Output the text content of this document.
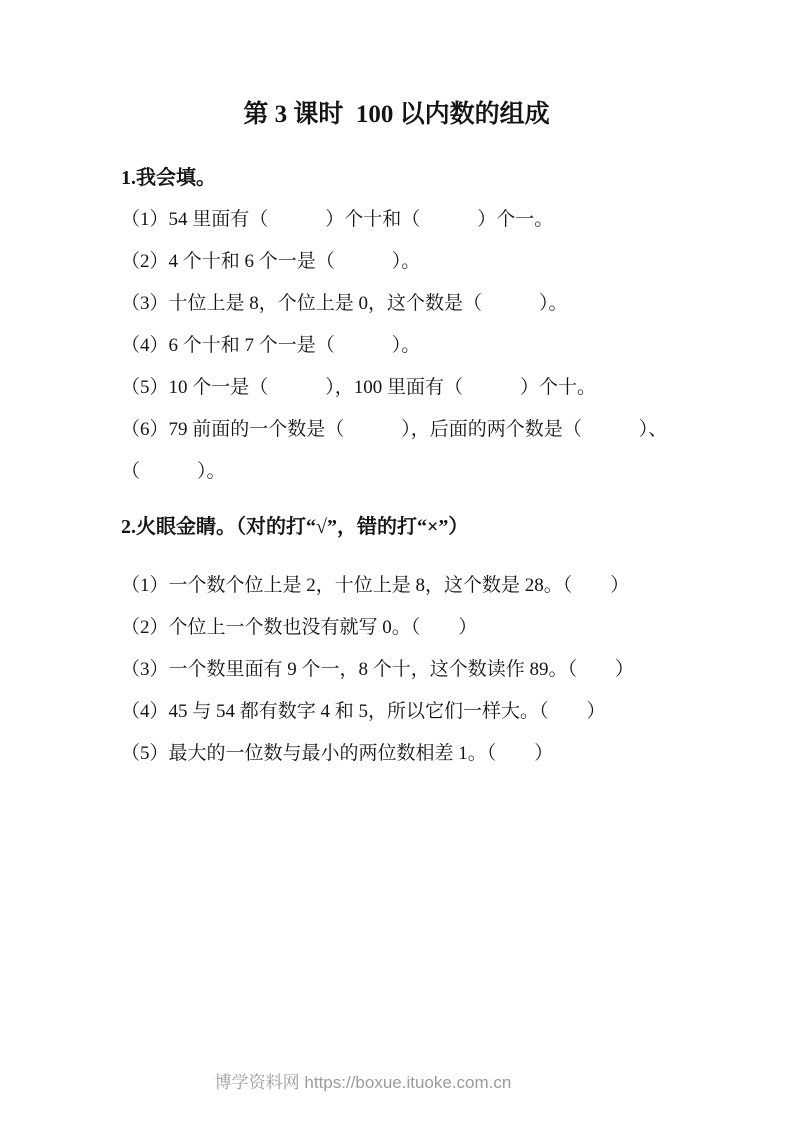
第 3 课时  100 以内数的组成
1.我会填。
（1）54 里面有（　　　）个十和（　　　）个一。
（2）4 个十和 6 个一是（　　　）。
（3）十位上是 8，个位上是 0，这个数是（　　　）。
（4）6 个十和 7 个一是（　　　）。
（5）10 个一是（　　　），100 里面有（　　　）个十。
（6）79 前面的一个数是（　　　），后面的两个数是（　　　）、
（　　　）。
2.火眼金睛。（对的打“√”，错的打“×”）
（1）一个数个位上是 2，十位上是 8，这个数是 28。（　　）
（2）个位上一个数也没有就写 0。（　　）
（3）一个数里面有 9 个一，8 个十，这个数读作 89。（　　）
（4）45 与 54 都有数字 4 和 5，所以它们一样大。（　　）
（5）最大的一位数与最小的两位数相差 1。（　　）
博学资料网 https://boxue.ituoke.com.cn
